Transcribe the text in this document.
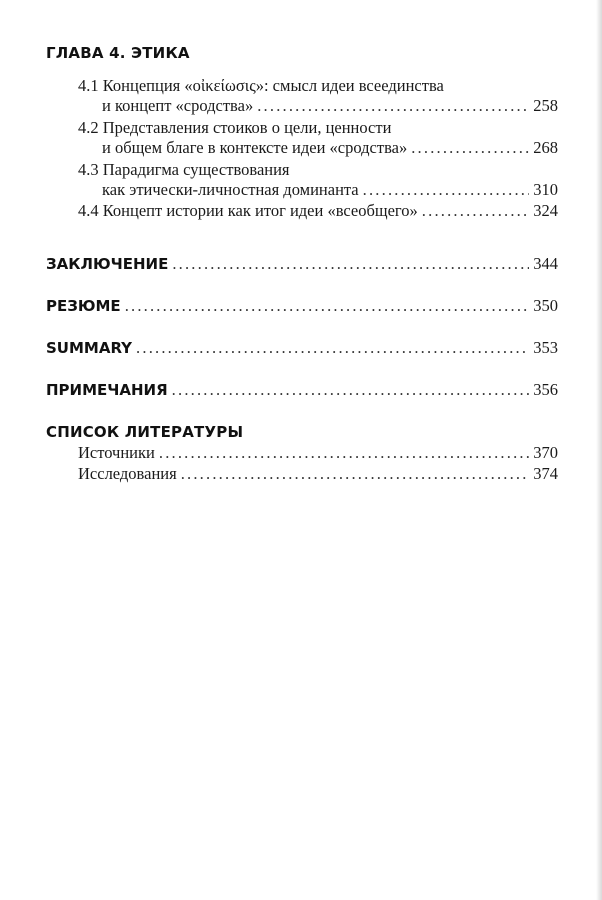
ГЛАВА 4. ЭТИКА
4.1 Концепция «οἰκείωσις»: смысл идеи всеединства
и концепт «сродства» .....	258
4.2 Представления стоиков о цели, ценности
и общем благе в контексте идеи «сродства» .....	268
4.3 Парадигма существования
как этически-личностная доминанта .....	310
4.4 Концепт истории как итог идеи «всеобщего» .....	324
ЗАКЛЮЧЕНИЕ .....	344
РЕЗЮМЕ .....	350
SUMMARY .....	353
ПРИМЕЧАНИЯ .....	356
СПИСОК ЛИТЕРАТУРЫ
Источники .....	370
Исследования .....	374
